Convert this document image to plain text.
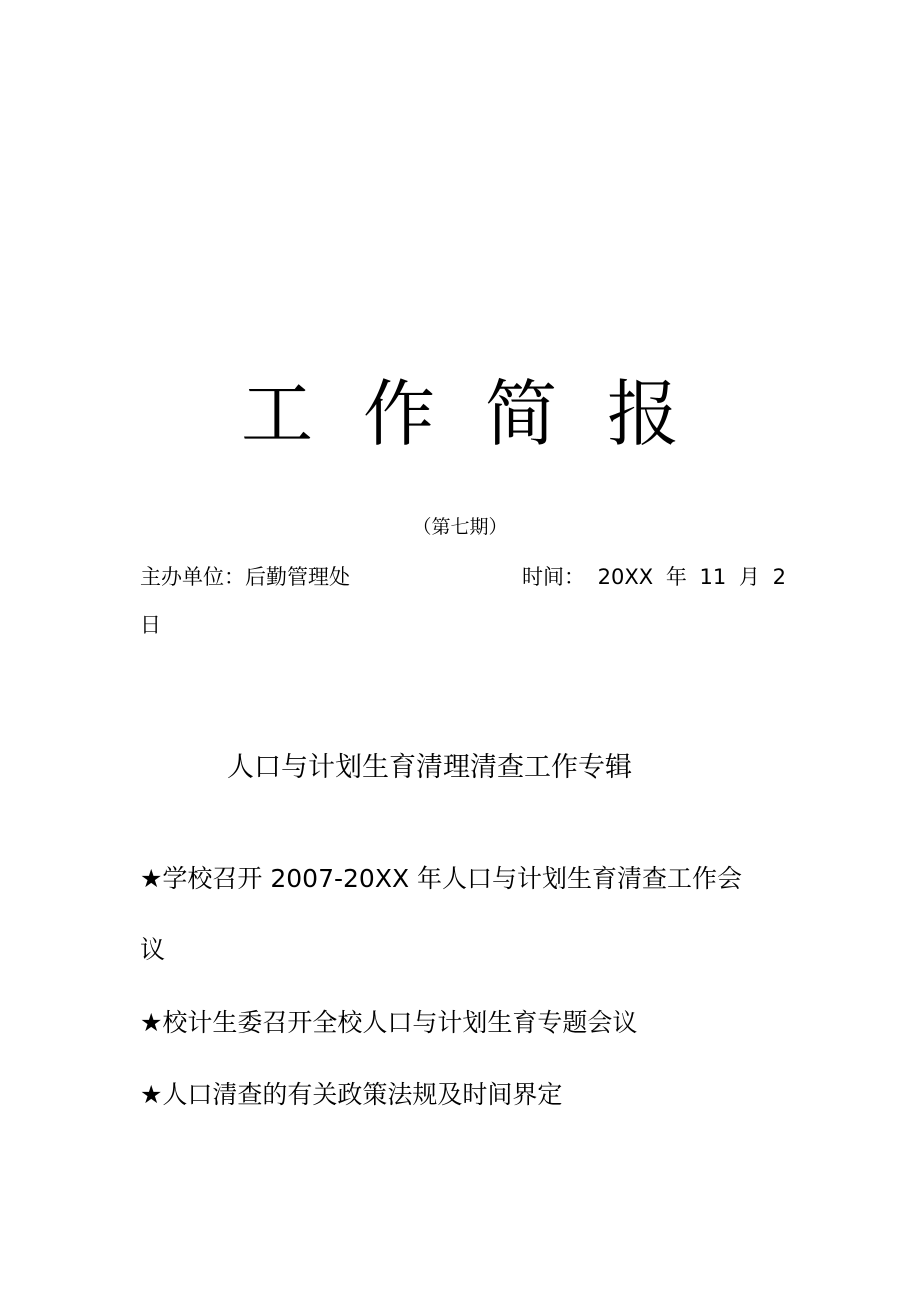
工作简报
（第七期）
主办单位：后勤管理处	时间： 20XX 年 11 月 2
日
人口与计划生育清理清查工作专辑
★学校召开 2007-20XX 年人口与计划生育清查工作会
议
★校计生委召开全校人口与计划生育专题会议
★人口清查的有关政策法规及时间界定
